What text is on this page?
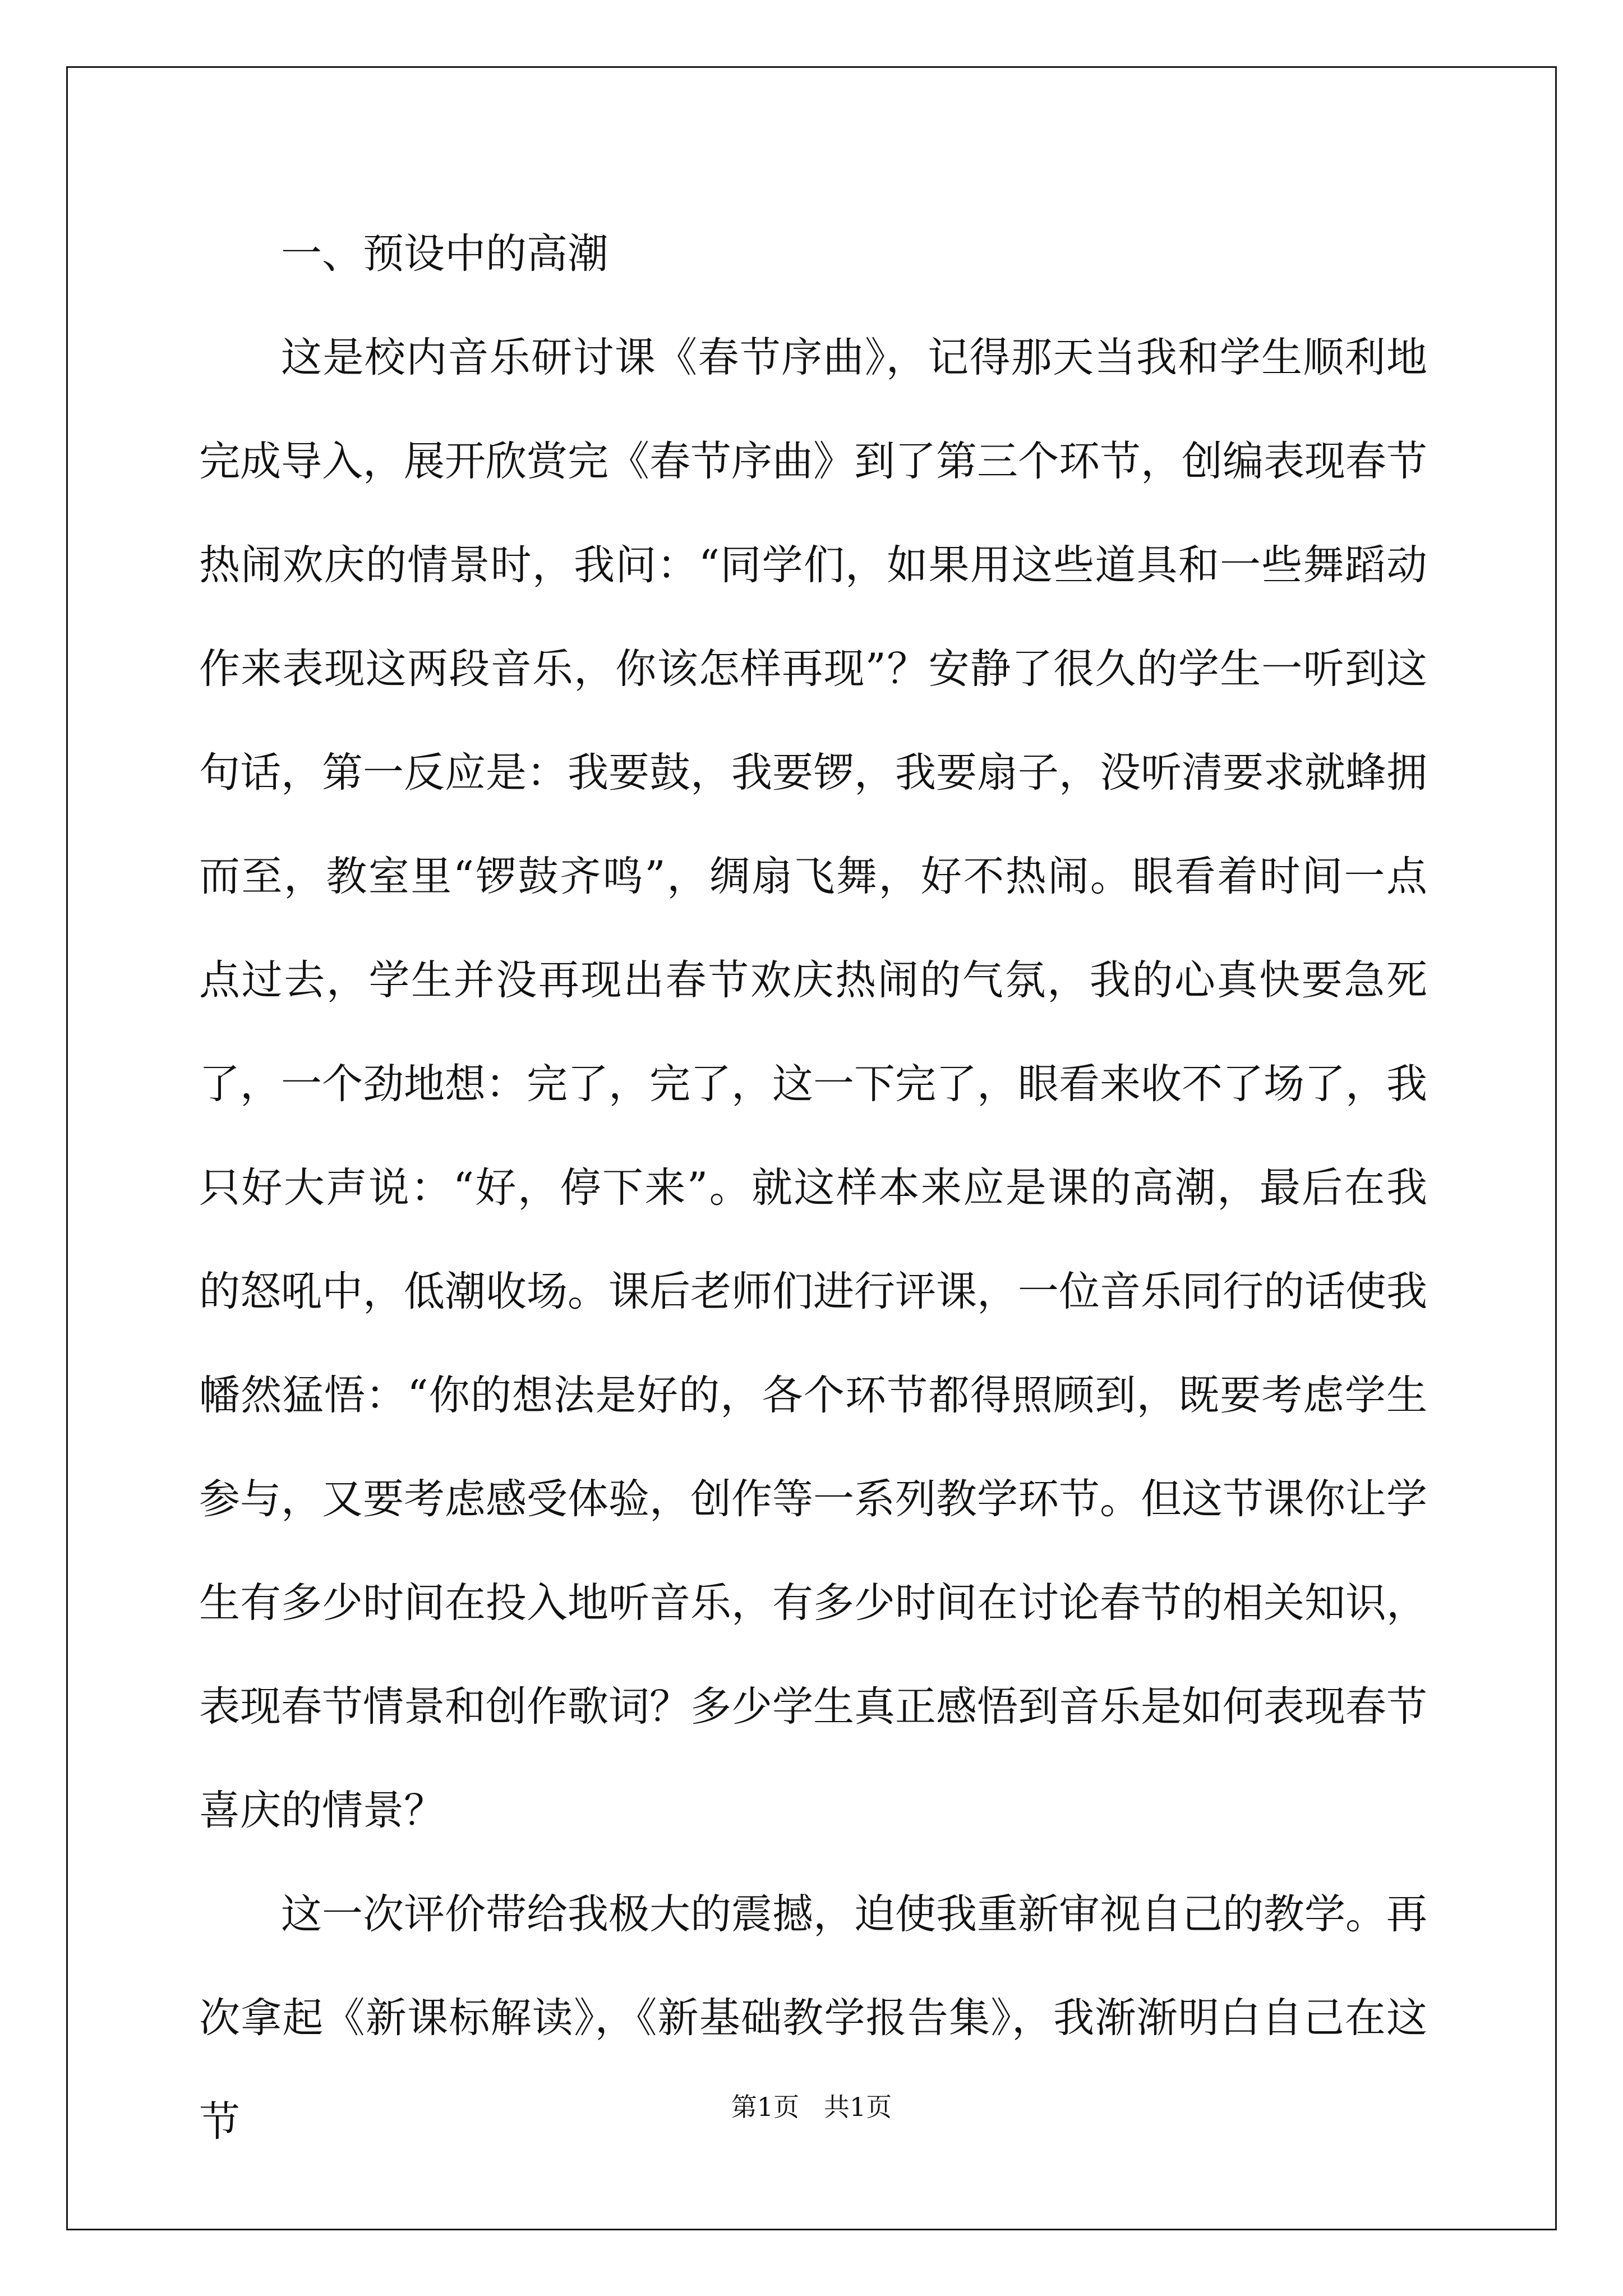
一、预设中的高潮

这是校内音乐研讨课《春节序曲》，记得那天当我和学生顺利地完成导入，展开欣赏完《春节序曲》到了第三个环节，创编表现春节热闹欢庆的情景时，我问：“同学们，如果用这些道具和一些舞蹈动作来表现这两段音乐，你该怎样再现”？安静了很久的学生一听到这句话，第一反应是：我要鼓，我要锣，我要扇子，没听清要求就蜂拥而至，教室里“锣鼓齐鸣”，绸扇飞舞，好不热闹。眼看着时间一点点过去，学生并没再现出春节欢庆热闹的气氛，我的心真快要急死了，一个劲地想：完了，完了，这一下完了，眼看来收不了场了，我只好大声说：“好，停下来”。就这样本来应是课的高潮，最后在我的怒吼中，低潮收场。课后老师们进行评课，一位音乐同行的话使我幡然猛悟：“你的想法是好的，各个环节都得照顾到，既要考虑学生参与，又要考虑感受体验，创作等一系列教学环节。但这节课你让学生有多少时间在投入地听音乐，有多少时间在讨论春节的相关知识，表现春节情景和创作歌词？多少学生真正感悟到音乐是如何表现春节喜庆的情景？

这一次评价带给我极大的震撼，迫使我重新审视自己的教学。再次拿起《新课标解读》，《新基础教学报告集》，我渐渐明白自己在这节	第1页   共1页
